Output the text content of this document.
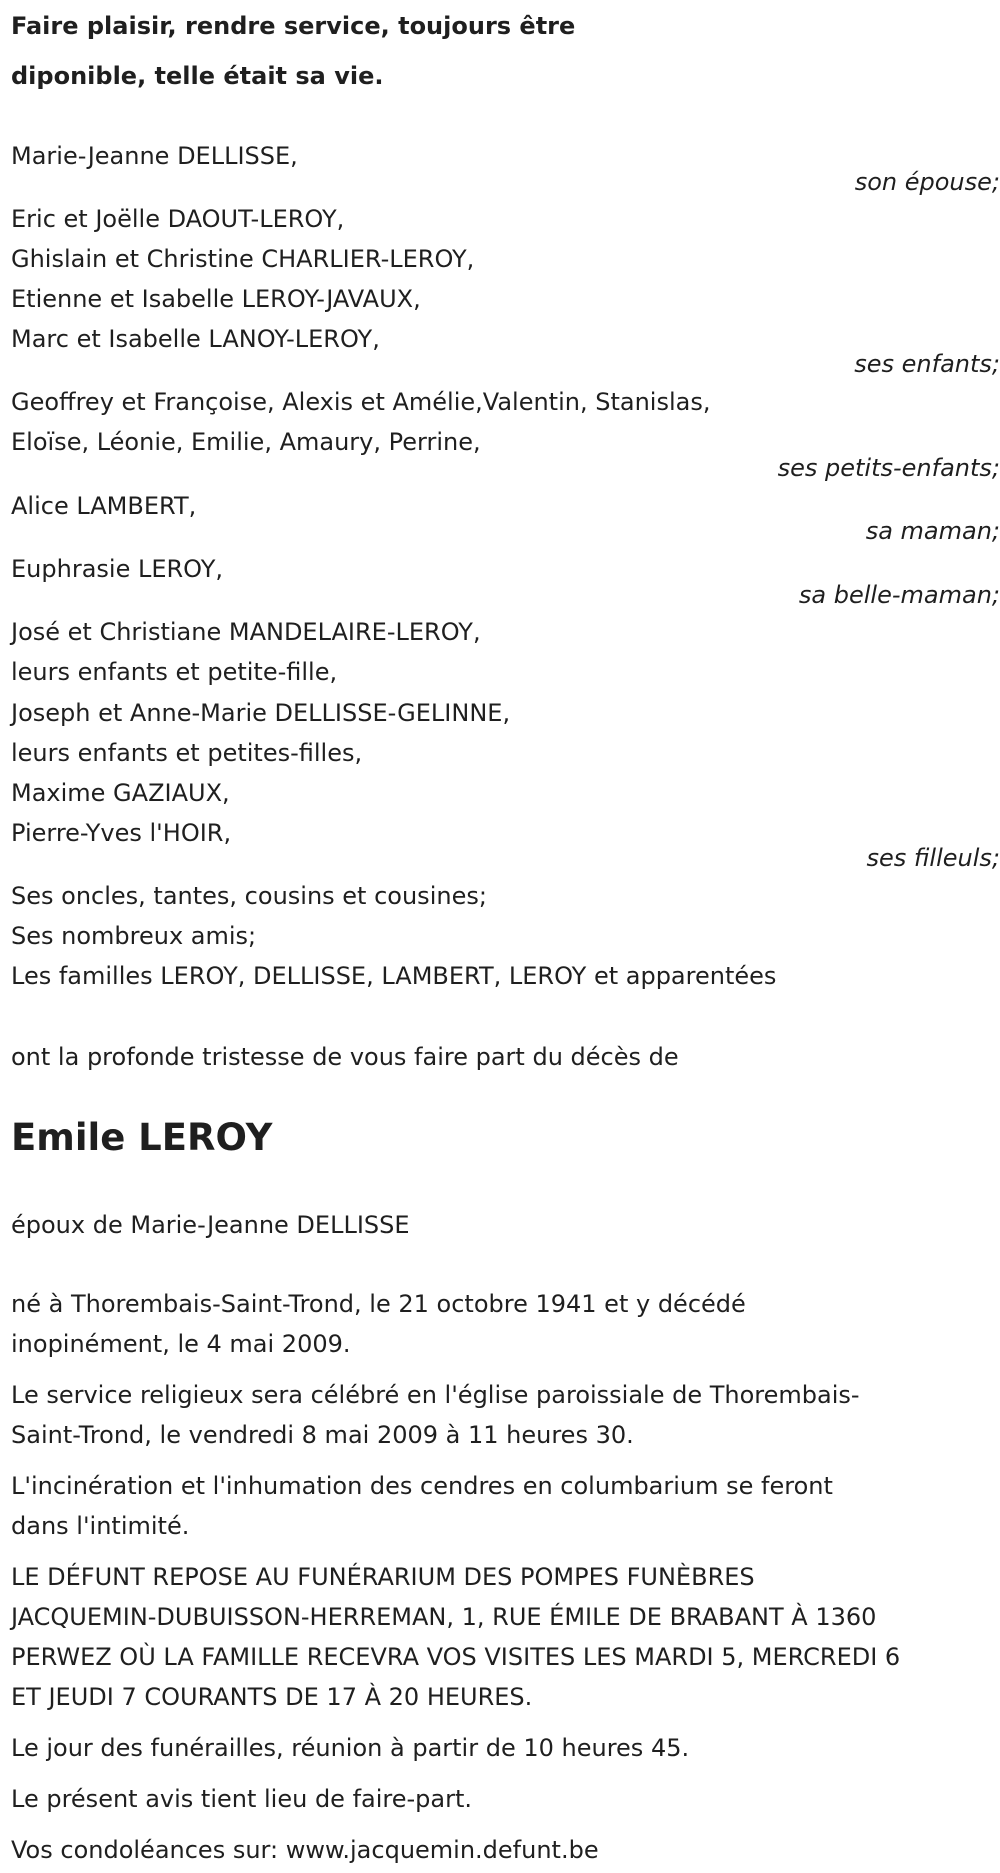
Faire plaisir, rendre service, toujours être
diponible, telle était sa vie.
Marie-Jeanne DELLISSE,
son épouse;
Eric et Joëlle DAOUT-LEROY,
Ghislain et Christine CHARLIER-LEROY,
Etienne et Isabelle LEROY-JAVAUX,
Marc et Isabelle LANOY-LEROY,
ses enfants;
Geoffrey et Françoise, Alexis et Amélie,Valentin, Stanislas,
Eloïse, Léonie, Emilie, Amaury, Perrine,
ses petits-enfants;
Alice LAMBERT,
sa maman;
Euphrasie LEROY,
sa belle-maman;
José et Christiane MANDELAIRE-LEROY,
leurs enfants et petite-fille,
Joseph et Anne-Marie DELLISSE-GELINNE,
leurs enfants et petites-filles,
Maxime GAZIAUX,
Pierre-Yves l'HOIR,
ses filleuls;
Ses oncles, tantes, cousins et cousines;
Ses nombreux amis;
Les familles LEROY, DELLISSE, LAMBERT, LEROY et apparentées
ont la profonde tristesse de vous faire part du décès de
Emile LEROY
époux de Marie-Jeanne DELLISSE
né à Thorembais-Saint-Trond, le 21 octobre 1941 et y décédé
inopinément, le 4 mai 2009.
Le service religieux sera célébré en l'église paroissiale de Thorembais-
Saint-Trond, le vendredi 8 mai 2009 à 11 heures 30.
L'incinération et l'inhumation des cendres en columbarium se feront
dans l'intimité.
LE DÉFUNT REPOSE AU FUNÉRARIUM DES POMPES FUNÈBRES
JACQUEMIN-DUBUISSON-HERREMAN, 1, RUE ÉMILE DE BRABANT À 1360
PERWEZ OÙ LA FAMILLE RECEVRA VOS VISITES LES MARDI 5, MERCREDI 6
ET JEUDI 7 COURANTS DE 17 À 20 HEURES.
Le jour des funérailles, réunion à partir de 10 heures 45.
Le présent avis tient lieu de faire-part.
Vos condoléances sur: www.jacquemin.defunt.be
